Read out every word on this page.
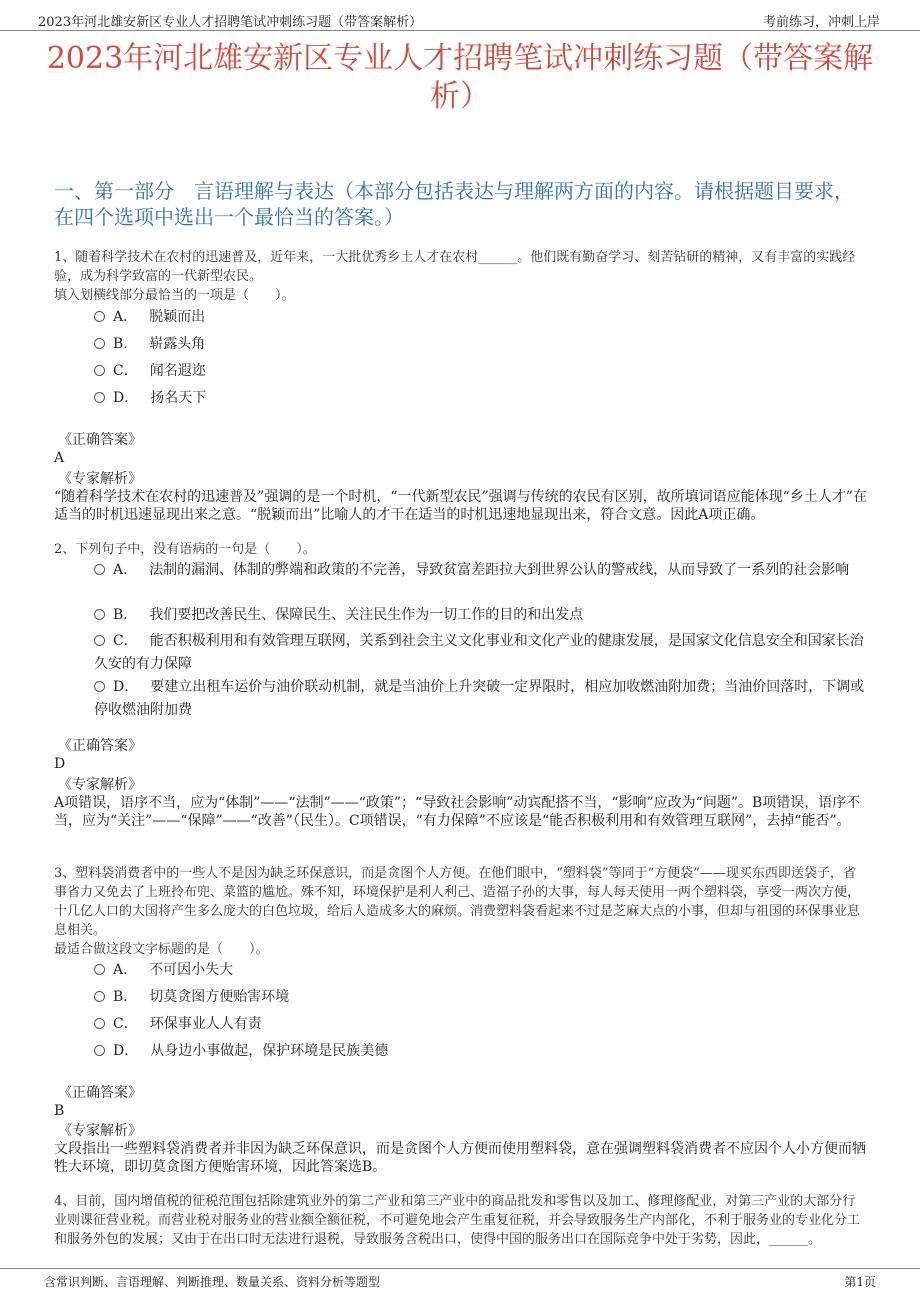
2023年河北雄安新区专业人才招聘笔试冲刺练习题（带答案解析）	考前练习，冲刺上岸
2023年河北雄安新区专业人才招聘笔试冲刺练习题（带答案解析）
一、第一部分　言语理解与表达（本部分包括表达与理解两方面的内容。请根据题目要求，在四个选项中选出一个最恰当的答案。）
1、随着科学技术在农村的迅速普及，近年来，一大批优秀乡土人才在农村______。他们既有勤奋学习、刻苦钻研的精神，又有丰富的实践经验，成为科学致富的一代新型农民。
填入划横线部分最恰当的一项是（　　）。
A． 脱颖而出
B． 崭露头角
C． 闻名遐迩
D． 扬名天下
《正确答案》
A
《专家解析》
“随着科学技术在农村的迅速普及”强调的是一个时机，“一代新型农民”强调与传统的农民有区别，故所填词语应能体现“乡土人才”在适当的时机迅速显现出来之意。“脱颖而出”比喻人的才干在适当的时机迅速地显现出来，符合文意。因此A项正确。
2、下列句子中，没有语病的一句是（　　）。
A． 法制的漏洞、体制的弊端和政策的不完善，导致贫富差距拉大到世界公认的警戒线，从而导致了一系列的社会影响
B． 我们要把改善民生、保障民生、关注民生作为一切工作的目的和出发点
C． 能否积极利用和有效管理互联网，关系到社会主义文化事业和文化产业的健康发展，是国家文化信息安全和国家长治久安的有力保障
D． 要建立出租车运价与油价联动机制，就是当油价上升突破一定界限时，相应加收燃油附加费；当油价回落时，下调或停收燃油附加费
《正确答案》
D
《专家解析》
A项错误，语序不当，应为“体制”——“法制”——“政策”；“导致社会影响”动宾配搭不当，“影响”应改为“问题”。B项错误，语序不当，应为“关注”——“保障”——“改善”（民生）。C项错误，“有力保障”不应该是“能否积极利用和有效管理互联网”，去掉“能否”。
3、塑料袋消费者中的一些人不是因为缺乏环保意识，而是贪图个人方便。在他们眼中，“塑料袋”等同于“方便袋”——现买东西即送袋子，省事省力又免去了上班拎布兜、菜篮的尴尬。殊不知，环境保护是利人利己、造福子孙的大事，每人每天使用一两个塑料袋，享受一两次方便，十几亿人口的大国将产生多么庞大的白色垃圾，给后人造成多大的麻烦。消费塑料袋看起来不过是芝麻大点的小事，但却与祖国的环保事业息息相关。
最适合做这段文字标题的是（　　）。
A． 不可因小失大
B． 切莫贪图方便贻害环境
C． 环保事业人人有责
D． 从身边小事做起，保护环境是民族美德
《正确答案》
B
《专家解析》
文段指出一些塑料袋消费者并非因为缺乏环保意识，而是贪图个人方便而使用塑料袋，意在强调塑料袋消费者不应因个人小方便而牺牲大环境，即切莫贪图方便贻害环境，因此答案选B。
4、目前，国内增值税的征税范围包括除建筑业外的第二产业和第三产业中的商品批发和零售以及加工、修理修配业，对第三产业的大部分行业则课征营业税。而营业税对服务业的营业额全额征税，不可避免地会产生重复征税，并会导致服务生产内部化，不利于服务业的专业化分工和服务外包的发展；又由于在出口时无法进行退税，导致服务含税出口，使得中国的服务出口在国际竞争中处于劣势，因此，______。
含常识判断、言语理解、判断推理、数量关系、资料分析等题型	第1页
